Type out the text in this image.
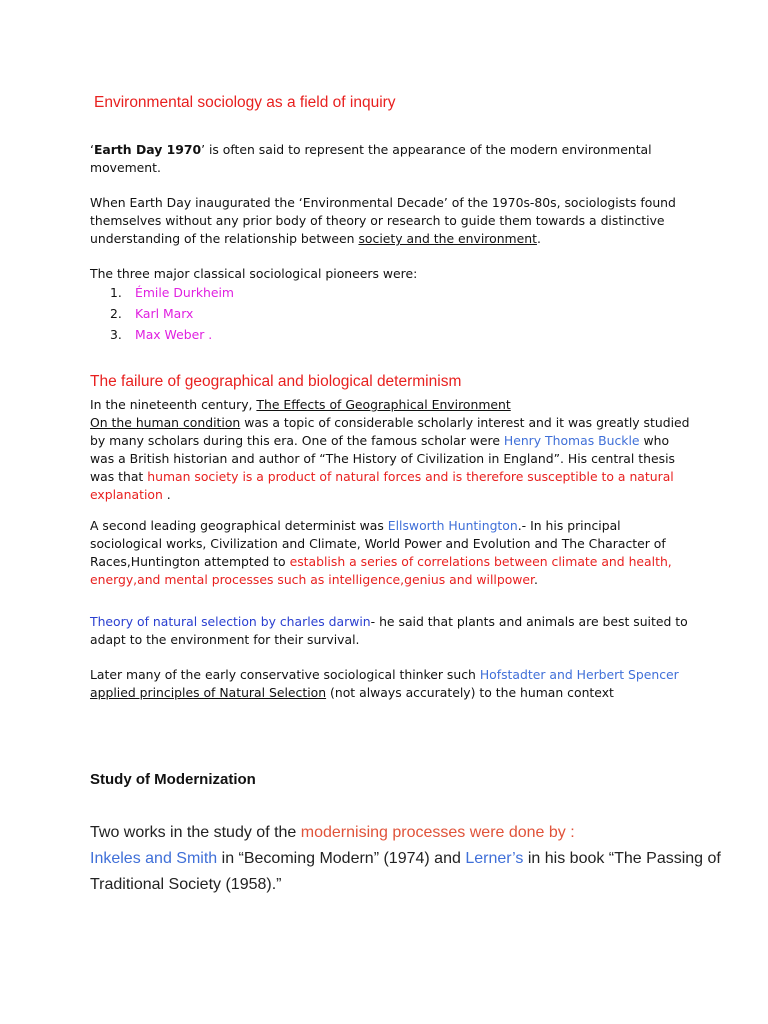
Environmental sociology as a field of inquiry
‘Earth Day 1970’ is often said to represent the appearance of the modern environmental movement.
When Earth Day inaugurated the ‘Environmental Decade’ of the 1970s-80s, sociologists found themselves without any prior body of theory or research to guide them towards a distinctive understanding of the relationship between society and the environment.
The three major classical sociological pioneers were:
1. Émile Durkheim
2. Karl Marx
3. Max Weber .
The failure of geographical and biological determinism
In the nineteenth century, The Effects of Geographical Environment
On the human condition was a topic of considerable scholarly interest and it was greatly studied by many scholars during this era. One of the famous scholar were Henry Thomas Buckle who was a British historian and author of “The History of Civilization in England”. His central thesis was that human society is a product of natural forces and is therefore susceptible to a natural explanation .
A second leading geographical determinist was Ellsworth Huntington.- In his principal sociological works, Civilization and Climate, World Power and Evolution and The Character of Races,Huntington attempted to establish a series of correlations between climate and health, energy,and mental processes such as intelligence,genius and willpower.
Theory of natural selection by charles darwin- he said that plants and animals are best suited to adapt to the environment for their survival.
Later many of the early conservative sociological thinker such Hofstadter and Herbert Spencer applied principles of Natural Selection (not always accurately) to the human context
Study of Modernization
Two works in the study of the modernising processes were done by :
Inkeles and Smith in “Becoming Modern” (1974) and Lerner’s in his book “The Passing of Traditional Society (1958).”
